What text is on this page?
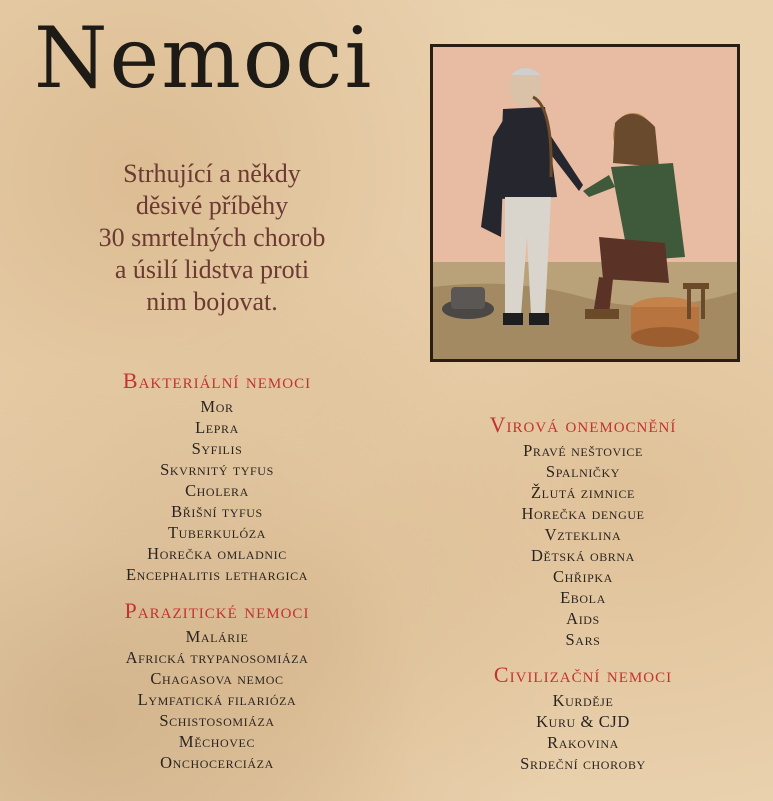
Nemoci
Strhující a někdy
děsivé příběhy
30 smrtelných chorob
a úsilí lidstva proti
nim bojovat.
Bakteriální nemoci
Mor
Lepra
Syfilis
Skvrnitý tyfus
Cholera
Břišní tyfus
Tuberkulóza
Horečka omladnic
Encephalitis lethargica
Parazitické nemoci
Malárie
Africká trypanosomiáza
Chagasova nemoc
Lymfatická filarióza
Schistosomiáza
Měchovec
Onchocerciáza
Virová onemocnění
Pravé neštovice
Spalničky
Žlutá zimnice
Horečka dengue
Vzteklina
Dětská obrna
Chřipka
Ebola
Aids
Sars
Civilizační nemoci
Kurděje
Kuru & CJD
Rakovina
Srdeční choroby
